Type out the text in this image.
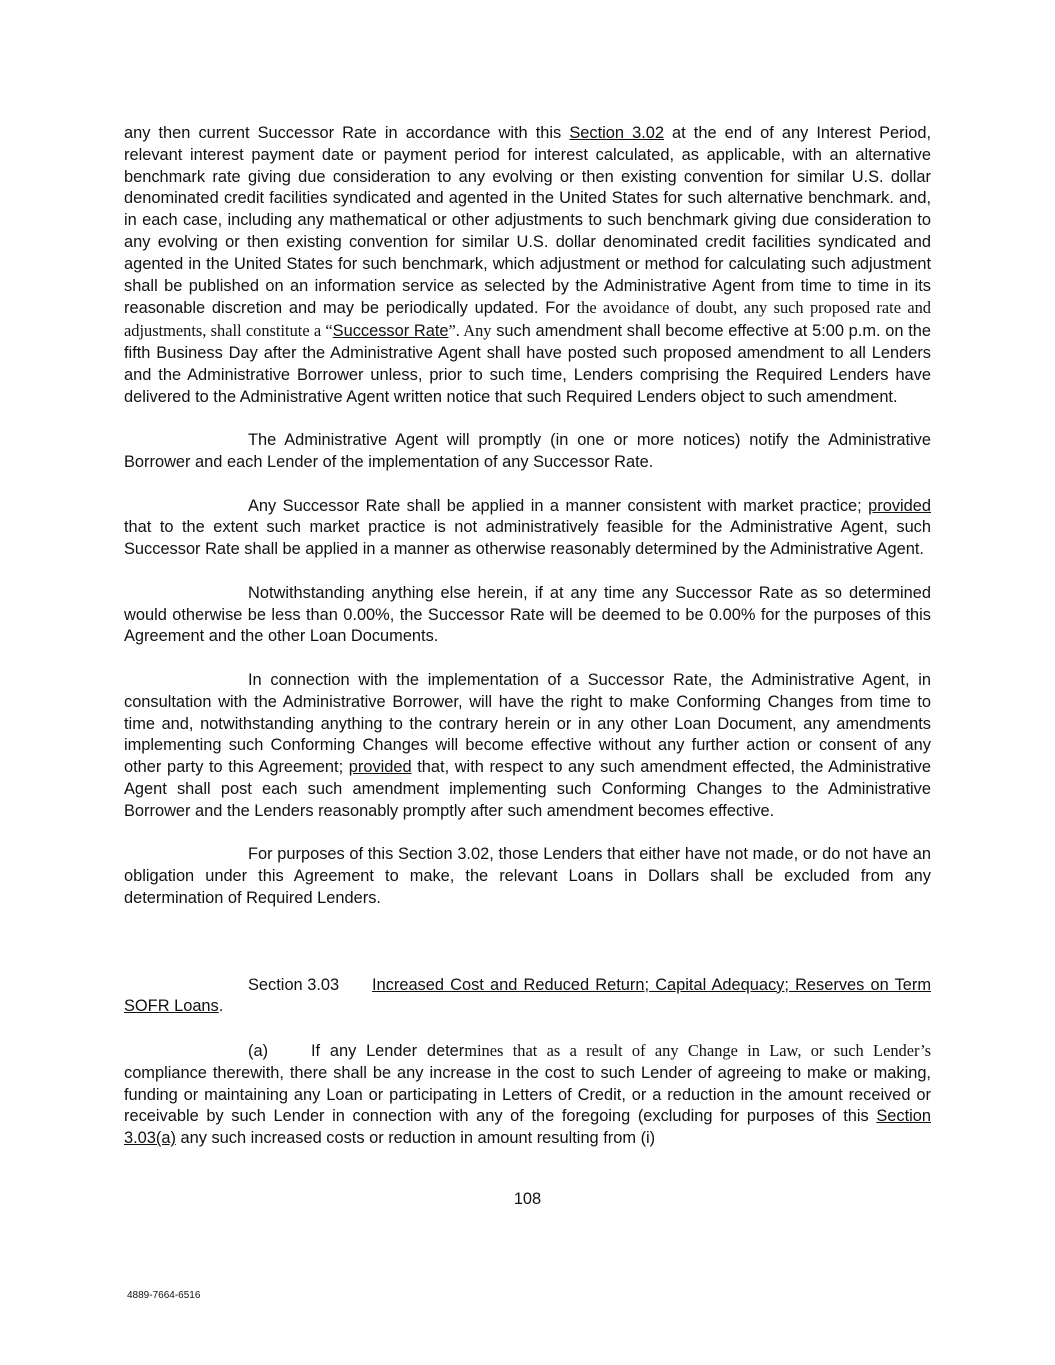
any then current Successor Rate in accordance with this Section 3.02 at the end of any Interest Period, relevant interest payment date or payment period for interest calculated, as applicable, with an alternative benchmark rate giving due consideration to any evolving or then existing convention for similar U.S. dollar denominated credit facilities syndicated and agented in the United States for such alternative benchmark. and, in each case, including any mathematical or other adjustments to such benchmark giving due consideration to any evolving or then existing convention for similar U.S. dollar denominated credit facilities syndicated and agented in the United States for such benchmark, which adjustment or method for calculating such adjustment shall be published on an information service as selected by the Administrative Agent from time to time in its reasonable discretion and may be periodically updated. For the avoidance of doubt, any such proposed rate and adjustments, shall constitute a “Successor Rate”. Any such amendment shall become effective at 5:00 p.m. on the fifth Business Day after the Administrative Agent shall have posted such proposed amendment to all Lenders and the Administrative Borrower unless, prior to such time, Lenders comprising the Required Lenders have delivered to the Administrative Agent written notice that such Required Lenders object to such amendment.

The Administrative Agent will promptly (in one or more notices) notify the Administrative Borrower and each Lender of the implementation of any Successor Rate.

Any Successor Rate shall be applied in a manner consistent with market practice; provided that to the extent such market practice is not administratively feasible for the Administrative Agent, such Successor Rate shall be applied in a manner as otherwise reasonably determined by the Administrative Agent.

Notwithstanding anything else herein, if at any time any Successor Rate as so determined would otherwise be less than 0.00%, the Successor Rate will be deemed to be 0.00% for the purposes of this Agreement and the other Loan Documents.

In connection with the implementation of a Successor Rate, the Administrative Agent, in consultation with the Administrative Borrower, will have the right to make Conforming Changes from time to time and, notwithstanding anything to the contrary herein or in any other Loan Document, any amendments implementing such Conforming Changes will become effective without any further action or consent of any other party to this Agreement; provided that, with respect to any such amendment effected, the Administrative Agent shall post each such amendment implementing such Conforming Changes to the Administrative Borrower and the Lenders reasonably promptly after such amendment becomes effective.

For purposes of this Section 3.02, those Lenders that either have not made, or do not have an obligation under this Agreement to make, the relevant Loans in Dollars shall be excluded from any determination of Required Lenders.

Section 3.03 Increased Cost and Reduced Return; Capital Adequacy; Reserves on Term SOFR Loans.

(a)	If any Lender determines that as a result of any Change in Law, or such Lender’s compliance therewith, there shall be any increase in the cost to such Lender of agreeing to make or making, funding or maintaining any Loan or participating in Letters of Credit, or a reduction in the amount received or receivable by such Lender in connection with any of the foregoing (excluding for purposes of this Section 3.03(a) any such increased costs or reduction in amount resulting from (i)

108
4889-7664-6516
